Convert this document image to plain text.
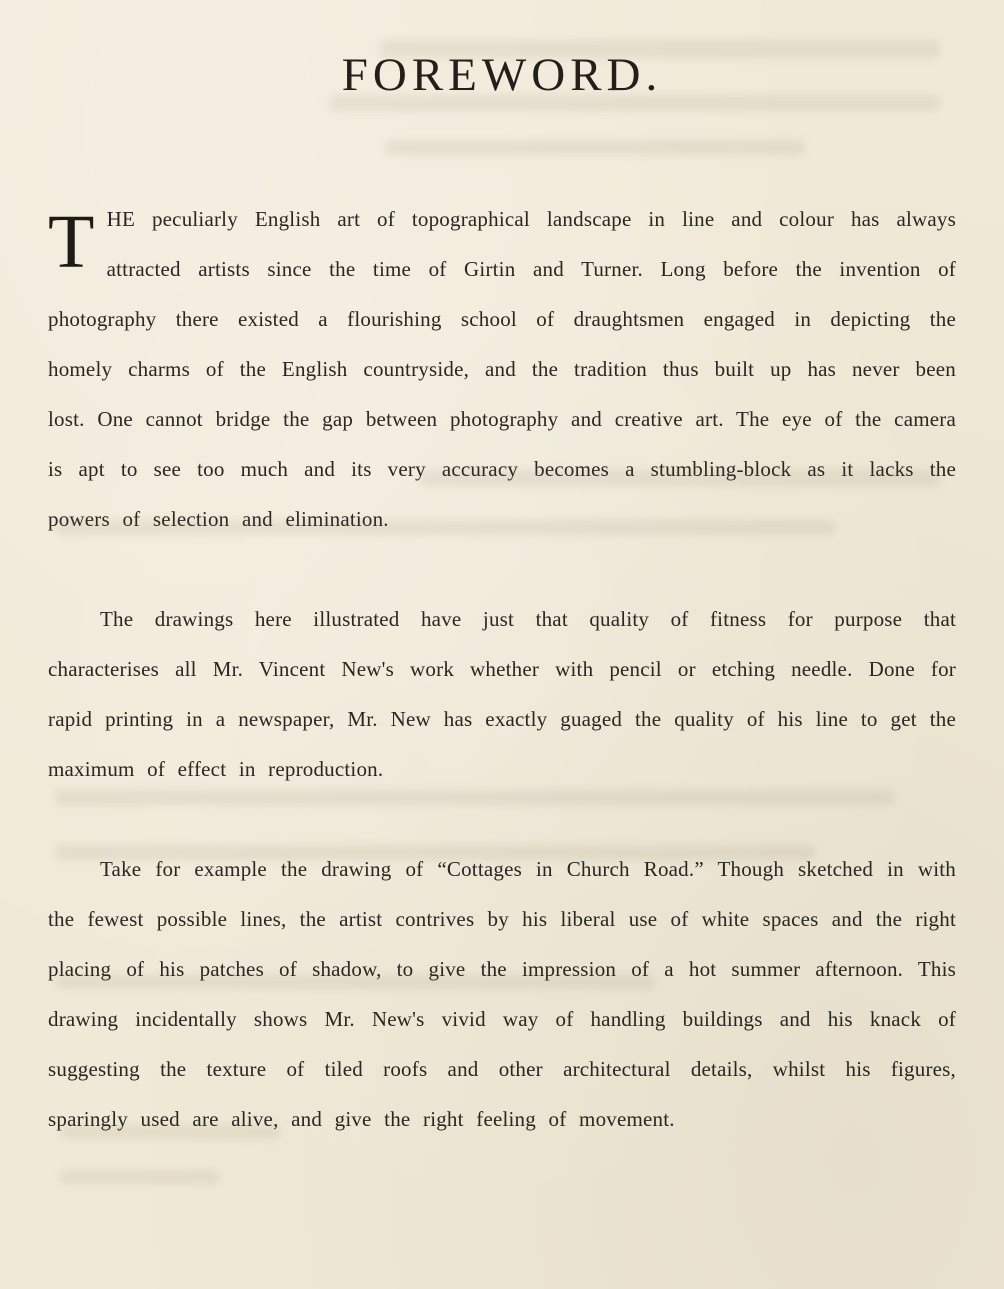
FOREWORD.

THE peculiarly English art of topographical landscape in line and colour has always attracted artists since the time of Girtin and Turner. Long before the invention of photography there existed a flourishing school of draughtsmen engaged in depicting the homely charms of the English countryside, and the tradition thus built up has never been lost. One cannot bridge the gap between photography and creative art. The eye of the camera is apt to see too much and its very accuracy becomes a stumbling-block as it lacks the powers of selection and elimination.

The drawings here illustrated have just that quality of fitness for purpose that characterises all Mr. Vincent New's work whether with pencil or etching needle. Done for rapid printing in a newspaper, Mr. New has exactly guaged the quality of his line to get the maximum of effect in reproduction.

Take for example the drawing of “Cottages in Church Road.” Though sketched in with the fewest possible lines, the artist contrives by his liberal use of white spaces and the right placing of his patches of shadow, to give the impression of a hot summer afternoon. This drawing incidentally shows Mr. New's vivid way of handling buildings and his knack of suggesting the texture of tiled roofs and other architectural details, whilst his figures, sparingly used are alive, and give the right feeling of movement.
